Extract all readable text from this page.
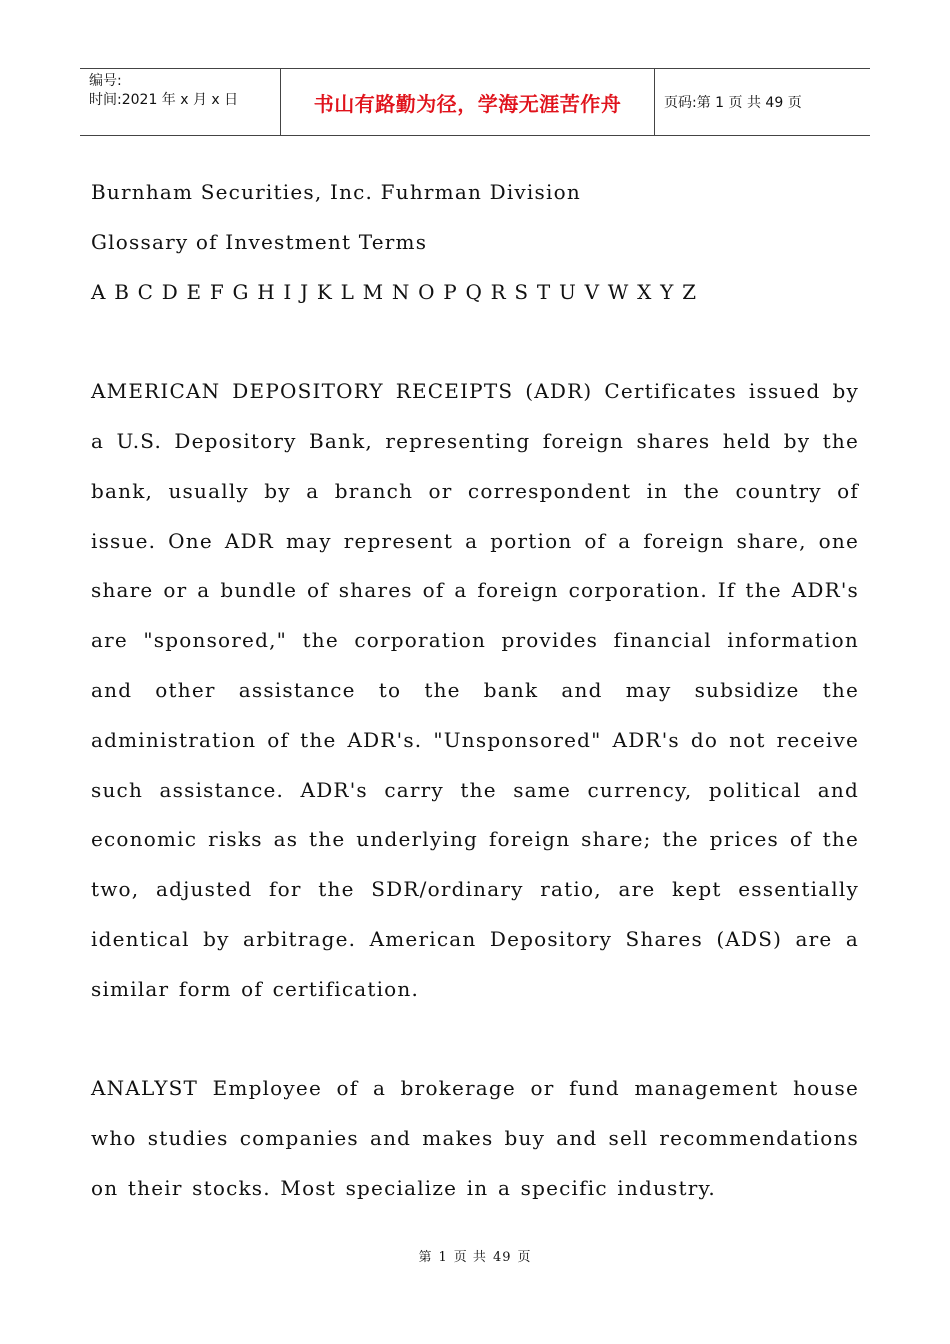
编号:
时间:2021 年 x 月 x 日	书山有路勤为径，学海无涯苦作舟	页码:第 1 页 共 49 页

Burnham Securities, Inc. Fuhrman Division

Glossary of Investment Terms

A B C D E F G H I J K L M N O P Q R S T U V W X Y Z

AMERICAN DEPOSITORY RECEIPTS (ADR) Certificates issued by a U.S. Depository Bank, representing foreign shares held by the bank, usually by a branch or correspondent in the country of issue. One ADR may represent a portion of a foreign share, one share or a bundle of shares of a foreign corporation. If the ADR's are "sponsored," the corporation provides financial information and other assistance to the bank and may subsidize the administration of the ADR's. "Unsponsored" ADR's do not receive such assistance. ADR's carry the same currency, political and economic risks as the underlying foreign share; the prices of the two, adjusted for the SDR/ordinary ratio, are kept essentially identical by arbitrage. American Depository Shares (ADS) are a similar form of certification.

ANALYST Employee of a brokerage or fund management house who studies companies and makes buy and sell recommendations on their stocks. Most specialize in a specific industry.

第 1 页 共 49 页
